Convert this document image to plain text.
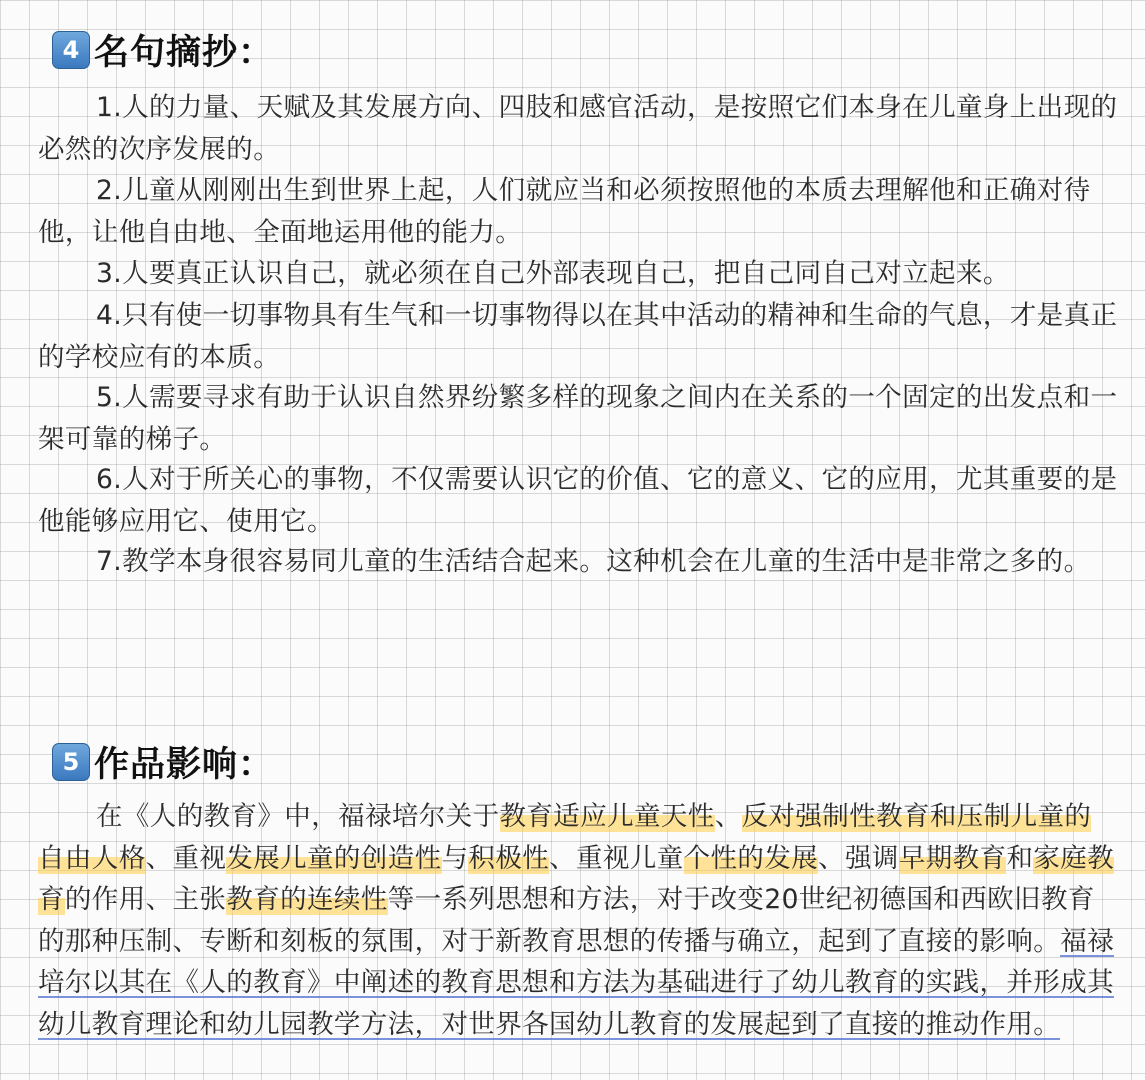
4 名句摘抄：

1.人的力量、天赋及其发展方向、四肢和感官活动，是按照它们本身在儿童身上出现的必然的次序发展的。

2.儿童从刚刚出生到世界上起，人们就应当和必须按照他的本质去理解他和正确对待他，让他自由地、全面地运用他的能力。

3.人要真正认识自己，就必须在自己外部表现自己，把自己同自己对立起来。

4.只有使一切事物具有生气和一切事物得以在其中活动的精神和生命的气息，才是真正的学校应有的本质。

5.人需要寻求有助于认识自然界纷繁多样的现象之间内在关系的一个固定的出发点和一架可靠的梯子。

6.人对于所关心的事物，不仅需要认识它的价值、它的意义、它的应用，尤其重要的是他能够应用它、使用它。

7.教学本身很容易同儿童的生活结合起来。这种机会在儿童的生活中是非常之多的。

5 作品影响：

在《人的教育》中，福禄培尔关于教育适应儿童天性、反对强制性教育和压制儿童的自由人格、重视发展儿童的创造性与积极性、重视儿童个性的发展、强调早期教育和家庭教育的作用、主张教育的连续性等一系列思想和方法，对于改变20世纪初德国和西欧旧教育的那种压制、专断和刻板的氛围，对于新教育思想的传播与确立，起到了直接的影响。福禄培尔以其在《人的教育》中阐述的教育思想和方法为基础进行了幼儿教育的实践，并形成其幼儿教育理论和幼儿园教学方法，对世界各国幼儿教育的发展起到了直接的推动作用。
